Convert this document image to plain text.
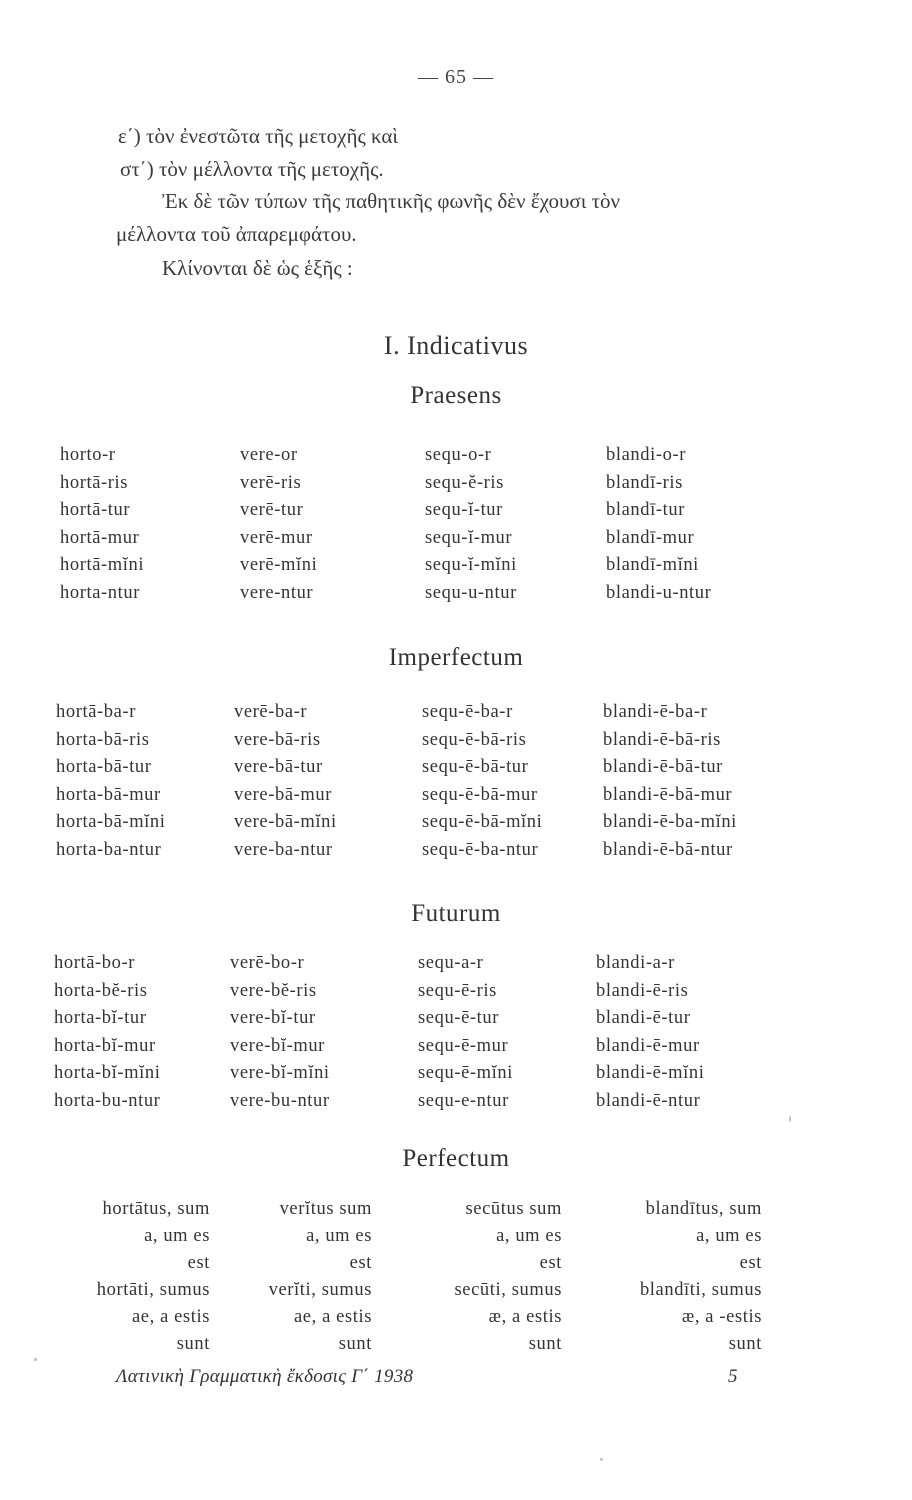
— 65 —
ε΄) τὸν ἐνεστῶτα τῆς μετοχῆς καὶ
στ΄) τὸν μέλλοντα τῆς μετοχῆς.
Ἐκ δὲ τῶν τύπων τῆς παθητικῆς φωνῆς δὲν ἔχουσι τὸν
μέλλοντα τοῦ ἀπαρεμφάτου.
Κλίνονται δὲ ὡς ἑξῆς :
I. Indicativus
Praesens
horto-r
hortā-ris
hortā-tur
hortā-mur
hortā-mĭni
horta-ntur
vere-or
verē-ris
verē-tur
verē-mur
verē-mĭni
vere-ntur
sequ-o-r
sequ-ĕ-ris
sequ-ĭ-tur
sequ-ĭ-mur
sequ-ĭ-mĭni
sequ-u-ntur
blandi-o-r
blandī-ris
blandī-tur
blandī-mur
blandī-mĭni
blandi-u-ntur
Imperfectum
hortā-ba-r
horta-bā-ris
horta-bā-tur
horta-bā-mur
horta-bā-mĭni
horta-ba-ntur
verē-ba-r
vere-bā-ris
vere-bā-tur
vere-bā-mur
vere-bā-mĭni
vere-ba-ntur
sequ-ē-ba-r
sequ-ē-bā-ris
sequ-ē-bā-tur
sequ-ē-bā-mur
sequ-ē-bā-mĭni
sequ-ē-ba-ntur
blandi-ē-ba-r
blandi-ē-bā-ris
blandi-ē-bā-tur
blandi-ē-bā-mur
blandi-ē-ba-mĭni
blandi-ē-bā-ntur
Futurum
hortā-bo-r
horta-bĕ-ris
horta-bĭ-tur
horta-bĭ-mur
horta-bĭ-mĭni
horta-bu-ntur
verē-bo-r
vere-bĕ-ris
vere-bĭ-tur
vere-bĭ-mur
vere-bĭ-mĭni
vere-bu-ntur
sequ-a-r
sequ-ē-ris
sequ-ē-tur
sequ-ē-mur
sequ-ē-mĭni
sequ-e-ntur
blandi-a-r
blandi-ē-ris
blandi-ē-tur
blandi-ē-mur
blandi-ē-mĭni
blandi-ē-ntur
Perfectum
hortātus, sum
a, um es
est
hortāti, sumus
ae, a estis
sunt
verĭtus sum
a, um es
est
verĭti, sumus
ae, a estis
sunt
secūtus sum
a, um es
est
secūti, sumus
æ, a estis
sunt
blandītus, sum
a, um es
est
blandīti, sumus
æ, a -estis
sunt
Λατινικὴ Γραμματικὴ ἔκδοσις Γ΄ 1938	5
